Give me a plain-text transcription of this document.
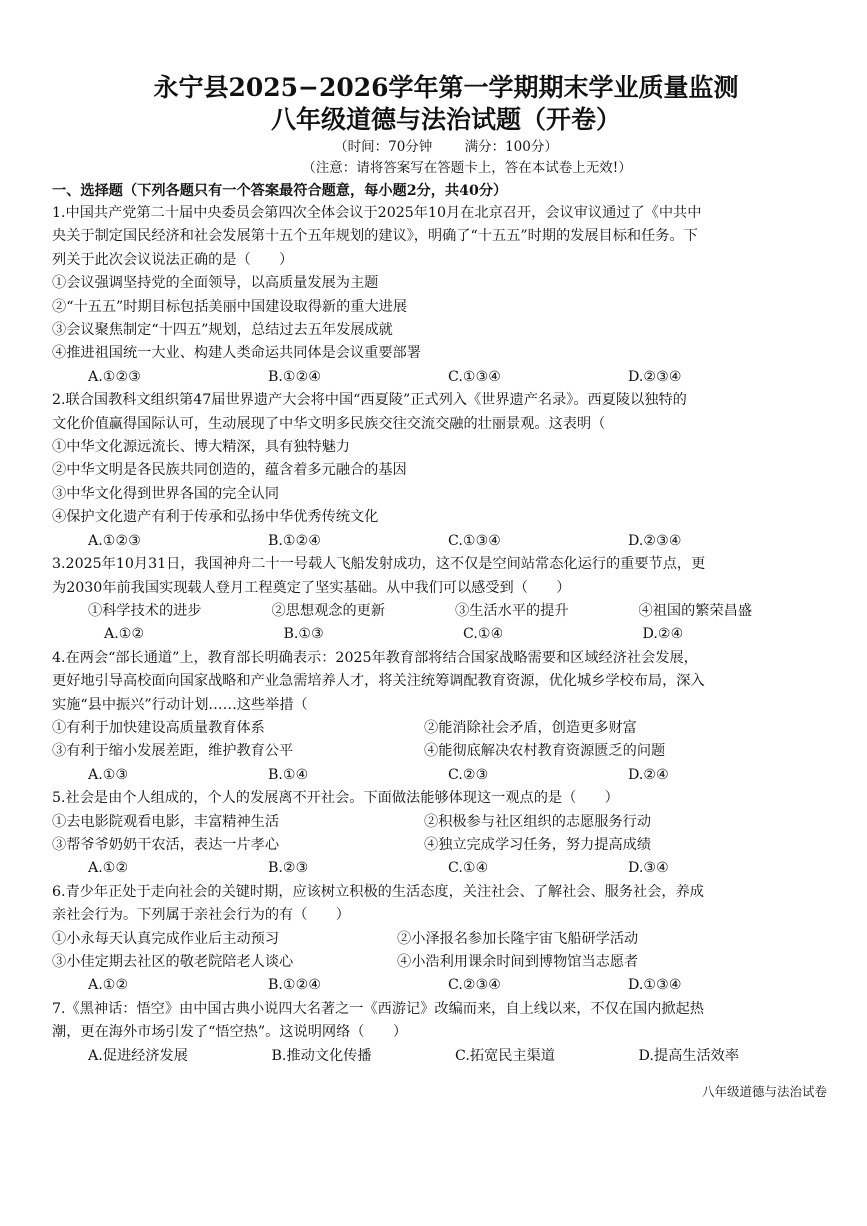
永宁县2025−2026学年第一学期期末学业质量监测
八年级道德与法治试题（开卷）
（时间：70分钟 满分：100分）
（注意：请将答案写在答题卡上，答在本试卷上无效!）
一、选择题（下列各题只有一个答案最符合题意，每小题2分，共40分）
1.中国共产党第二十届中央委员会第四次全体会议于2025年10月在北京召开，会议审议通过了《中共中
央关于制定国民经济和社会发展第十五个五年规划的建议》，明确了“十五五”时期的发展目标和任务。下
列关于此次会议说法正确的是（　　）
①会议强调坚持党的全面领导，以高质量发展为主题
②“十五五”时期目标包括美丽中国建设取得新的重大进展
③会议聚焦制定“十四五”规划，总结过去五年发展成就
④推进祖国统一大业、构建人类命运共同体是会议重要部署
A.①②③	B.①②④	C.①③④	D.②③④
2.联合国教科文组织第47届世界遗产大会将中国“西夏陵”正式列入《世界遗产名录》。西夏陵以独特的
文化价值赢得国际认可，生动展现了中华文明多民族交往交流交融的壮丽景观。这表明（
①中华文化源远流长、博大精深，具有独特魅力
②中华文明是各民族共同创造的，蕴含着多元融合的基因
③中华文化得到世界各国的完全认同
④保护文化遗产有利于传承和弘扬中华优秀传统文化
A.①②③	B.①②④	C.①③④	D.②③④
3.2025年10月31日，我国神舟二十一号载人飞船发射成功，这不仅是空间站常态化运行的重要节点，更
为2030年前我国实现载人登月工程奠定了坚实基础。从中我们可以感受到（　　）
①科学技术的进步	②思想观念的更新	③生活水平的提升	④祖国的繁荣昌盛
A.①②	B.①③	C.①④	D.②④
4.在两会“部长通道”上，教育部长明确表示：2025年教育部将结合国家战略需要和区域经济社会发展，
更好地引导高校面向国家战略和产业急需培养人才，将关注统筹调配教育资源，优化城乡学校布局，深入
实施“县中振兴”行动计划……这些举措（
①有利于加快建设高质量教育体系	②能消除社会矛盾，创造更多财富
③有利于缩小发展差距，维护教育公平	④能彻底解决农村教育资源匮乏的问题
A.①③	B.①④	C.②③	D.②④
5.社会是由个人组成的，个人的发展离不开社会。下面做法能够体现这一观点的是（　　）
①去电影院观看电影，丰富精神生活	②积极参与社区组织的志愿服务行动
③帮爷爷奶奶干农活，表达一片孝心	④独立完成学习任务，努力提高成绩
A.①②	B.②③	C.①④	D.③④
6.青少年正处于走向社会的关键时期，应该树立积极的生活态度，关注社会、了解社会、服务社会，养成
亲社会行为。下列属于亲社会行为的有（　　）
①小永每天认真完成作业后主动预习	②小泽报名参加长隆宇宙飞船研学活动
③小佳定期去社区的敬老院陪老人谈心	④小浩利用课余时间到博物馆当志愿者
A.①②	B.①②④	C.②③④	D.①③④
7.《黑神话：悟空》由中国古典小说四大名著之一《西游记》改编而来，自上线以来，不仅在国内掀起热
潮，更在海外市场引发了“悟空热”。这说明网络（　　）
A.促进经济发展	B.推动文化传播	C.拓宽民主渠道	D.提高生活效率
八年级道德与法治试卷
